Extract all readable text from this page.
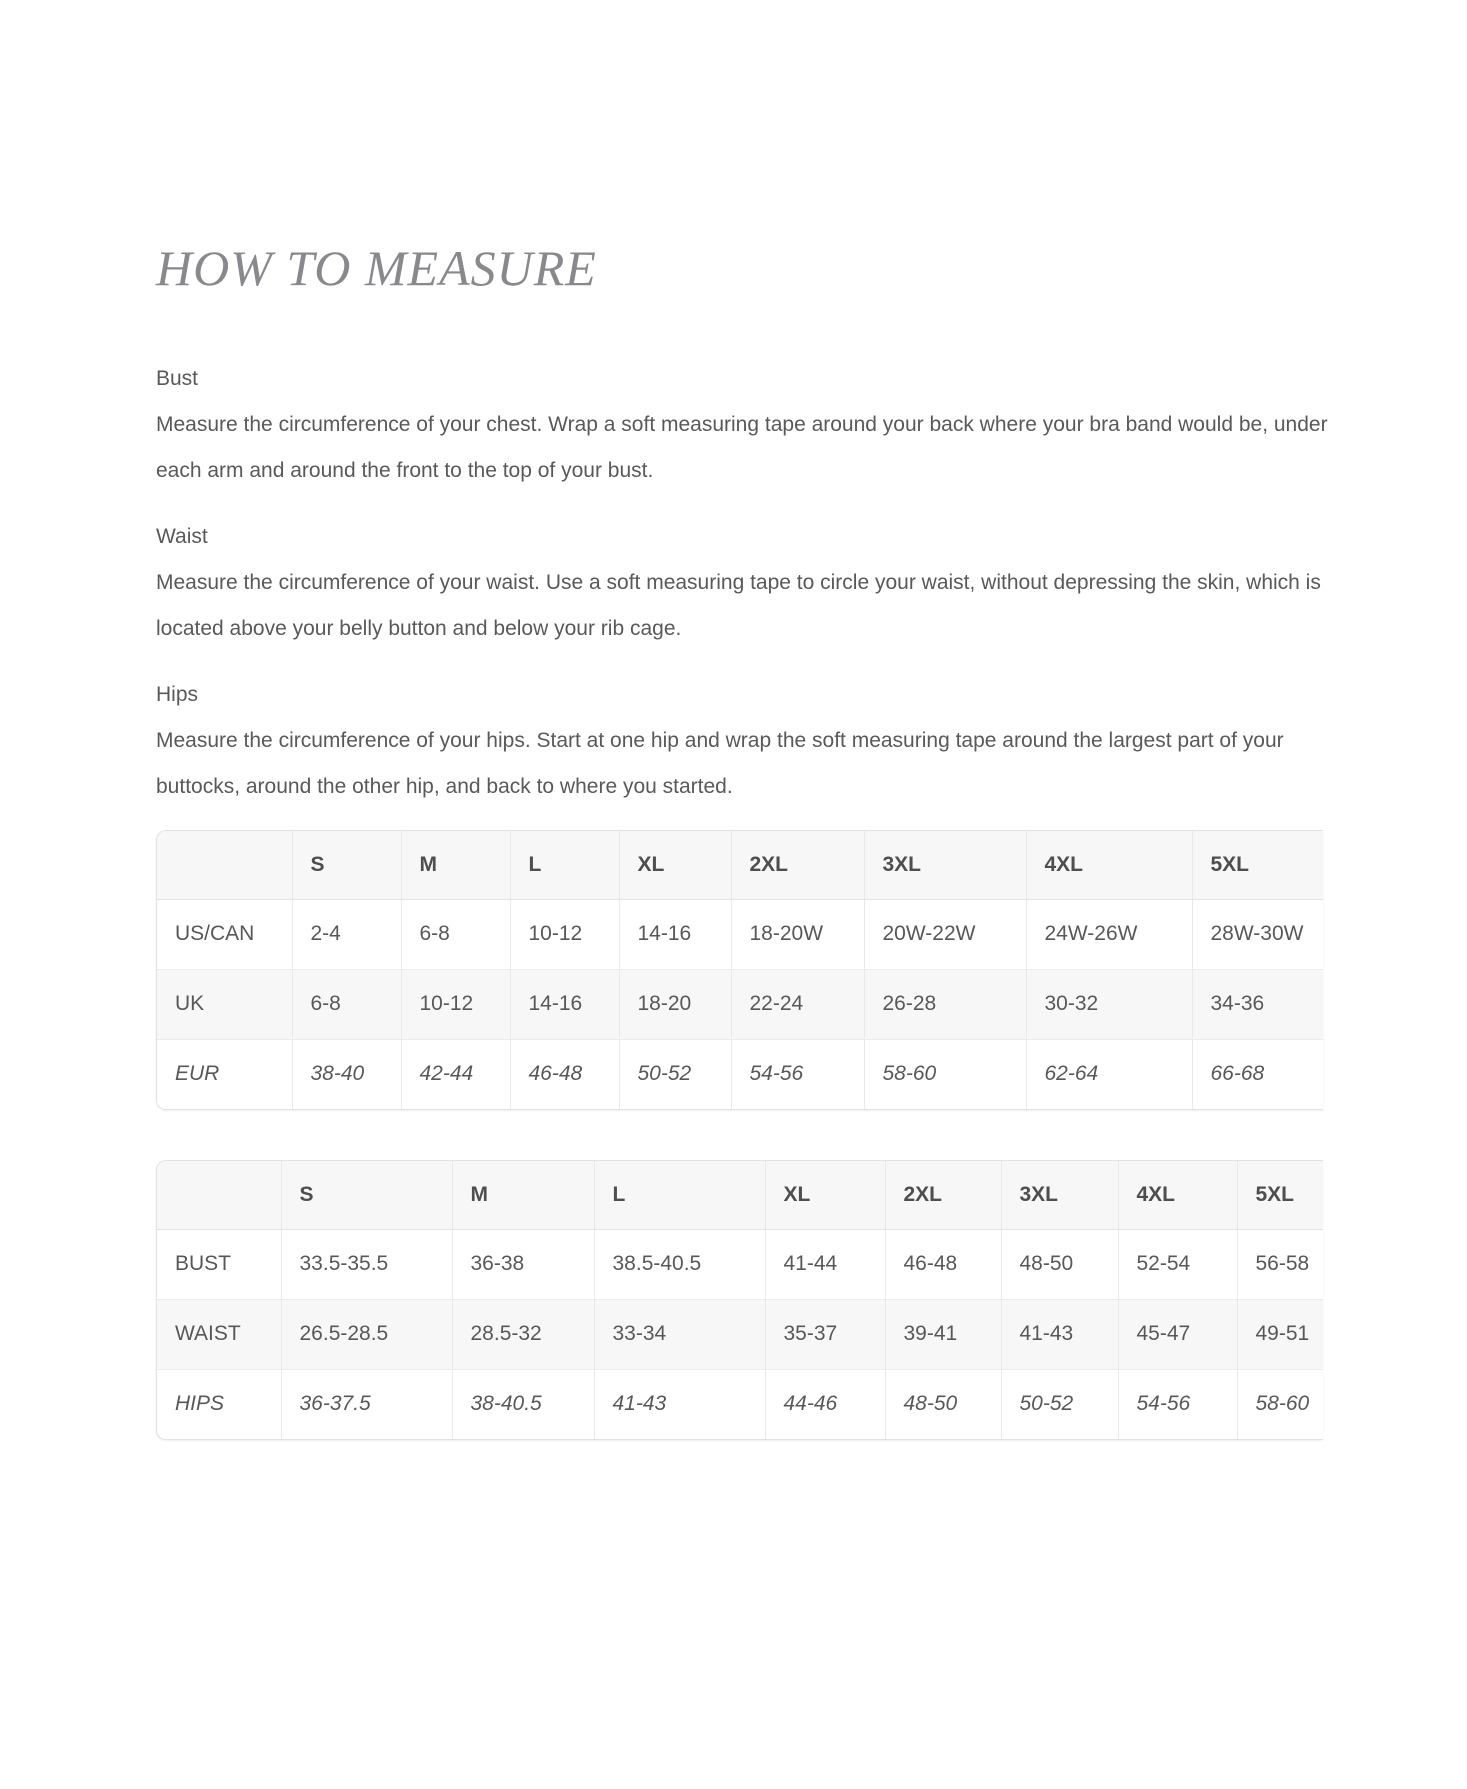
HOW TO MEASURE
Bust

Measure the circumference of your chest. Wrap a soft measuring tape around your back where your bra band would be, under each arm and around the front to the top of your bust.

Waist

Measure the circumference of your waist. Use a soft measuring tape to circle your waist, without depressing the skin, which is located above your belly button and below your rib cage.

Hips

Measure the circumference of your hips. Start at one hip and wrap the soft measuring tape around the largest part of your buttocks, around the other hip, and back to where you started.

	S	M	L	XL	2XL	3XL	4XL	5XL
US/CAN	2-4	6-8	10-12	14-16	18-20W	20W-22W	24W-26W	28W-30W
UK	6-8	10-12	14-16	18-20	22-24	26-28	30-32	34-36
EUR	38-40	42-44	46-48	50-52	54-56	58-60	62-64	66-68
	S	M	L	XL	2XL	3XL	4XL	5XL
BUST	33.5-35.5	36-38	38.5-40.5	41-44	46-48	48-50	52-54	56-58
WAIST	26.5-28.5	28.5-32	33-34	35-37	39-41	41-43	45-47	49-51
HIPS	36-37.5	38-40.5	41-43	44-46	48-50	50-52	54-56	58-60
